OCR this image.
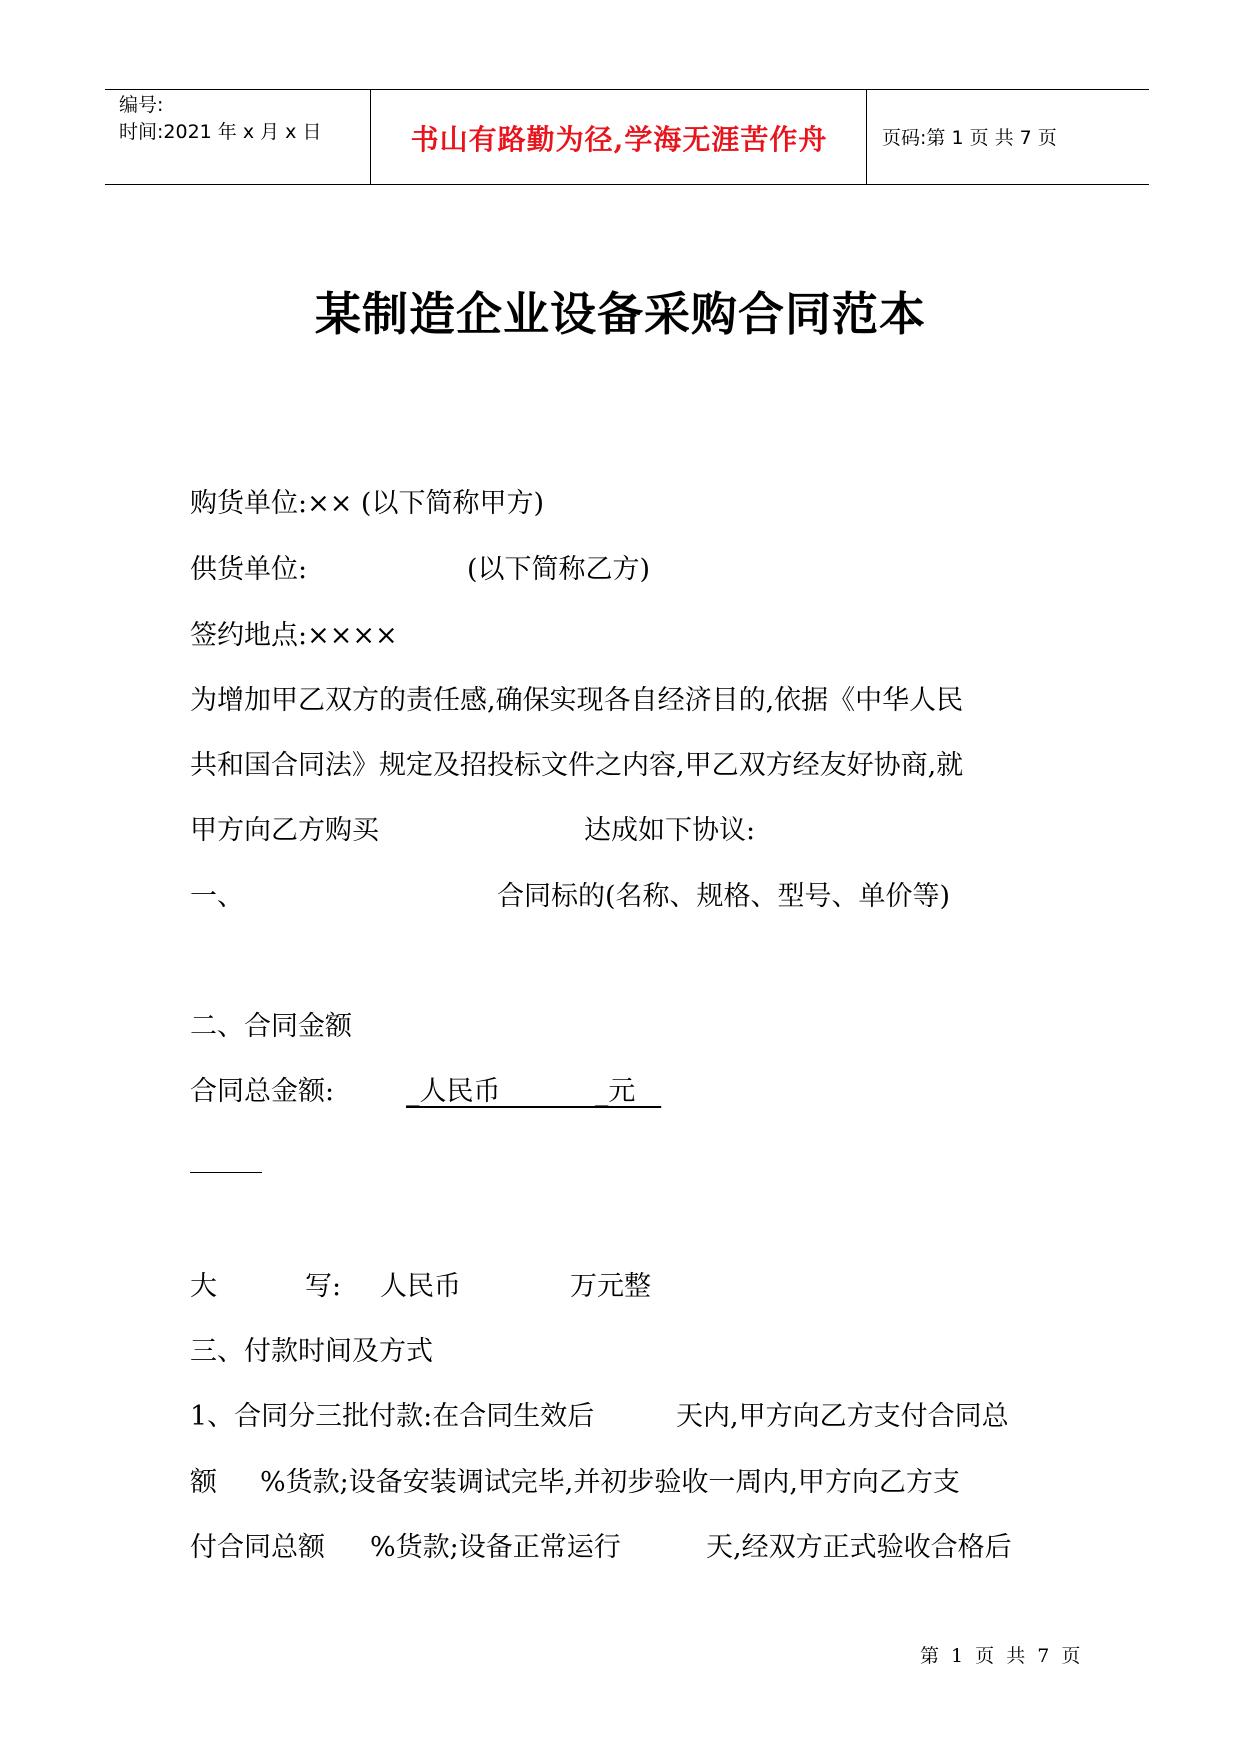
编号:
时间:2021 年 x 月 x 日	书山有路勤为径,学海无涯苦作舟	页码:第 1 页 共 7 页
某制造企业设备采购合同范本
购货单位:×× (以下简称甲方)
供货单位:	(以下简称乙方)
签约地点:××××
为增加甲乙双方的责任感,确保实现各自经济目的,依据《中华人民
共和国合同法》规定及招投标文件之内容,甲乙双方经友好协商,就
甲方向乙方购买	达成如下协议:
一、	合同标的(名称、规格、型号、单价等)
二、合同金额
合同总金额:	_人民币           _元
大	写: 人民币	万元整
三、付款时间及方式
1、合同分三批付款:在合同生效后	天内,甲方向乙方支付合同总
额 %货款;设备安装调试完毕,并初步验收一周内,甲方向乙方支
付合同总额 %货款;设备正常运行	天,经双方正式验收合格后
第 1 页 共 7 页
